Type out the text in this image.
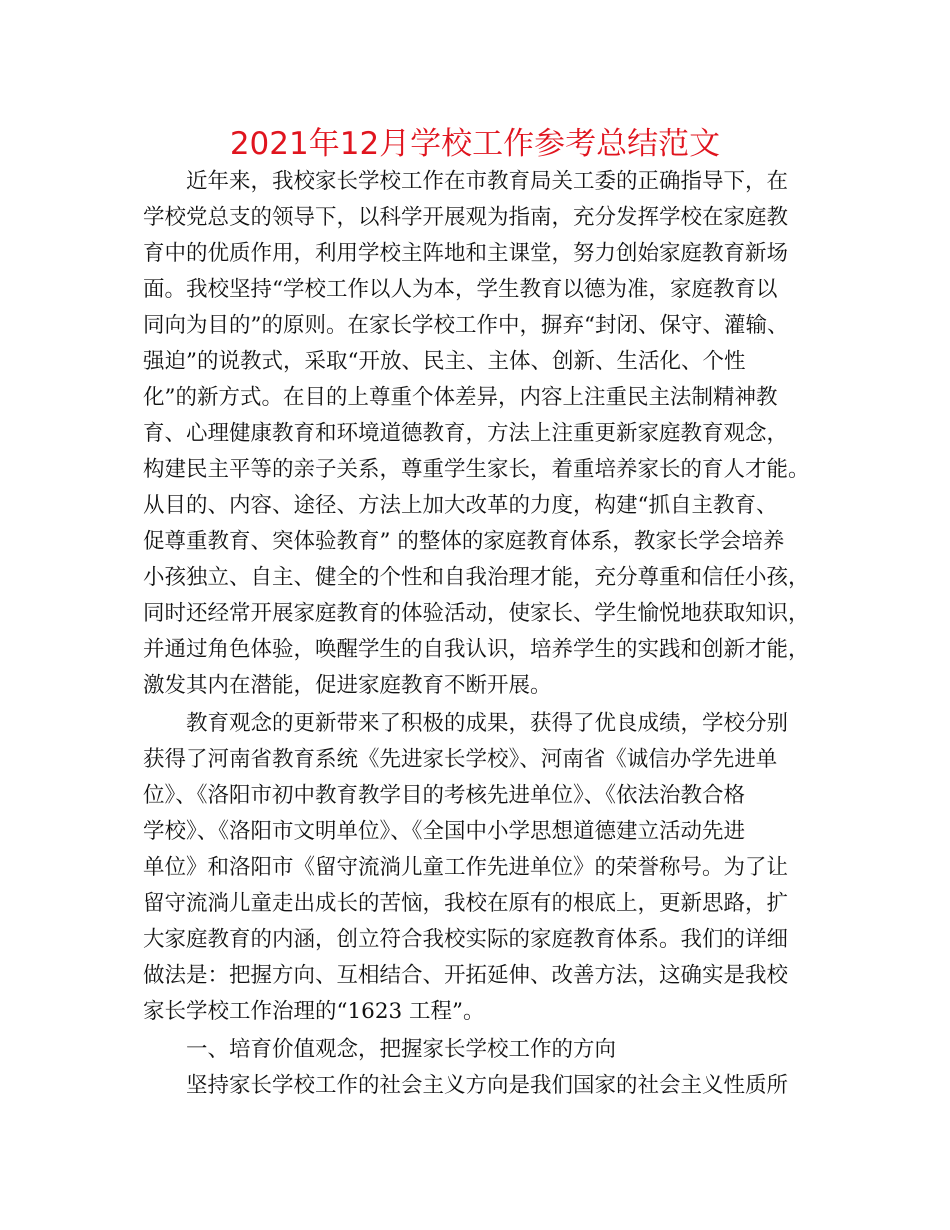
2021年12月学校工作参考总结范文

近年来，我校家长学校工作在市教育局关工委的正确指导下，在

学校党总支的领导下，以科学开展观为指南，充分发挥学校在家庭教

育中的优质作用，利用学校主阵地和主课堂，努力创始家庭教育新场

面。我校坚持“学校工作以人为本，学生教育以德为准，家庭教育以

同向为目的”的原则。在家长学校工作中，摒弃“封闭、保守、灌输、

强迫”的说教式，采取“开放、民主、主体、创新、生活化、个性

化”的新方式。在目的上尊重个体差异，内容上注重民主法制精神教

育、心理健康教育和环境道德教育，方法上注重更新家庭教育观念，

构建民主平等的亲子关系，尊重学生家长，着重培养家长的育人才能。

从目的、内容、途径、方法上加大改革的力度，构建“抓自主教育、

促尊重教育、突体验教育” 的整体的家庭教育体系，教家长学会培养

小孩独立、自主、健全的个性和自我治理才能，充分尊重和信任小孩，

同时还经常开展家庭教育的体验活动，使家长、学生愉悦地获取知识，

并通过角色体验，唤醒学生的自我认识，培养学生的实践和创新才能，

激发其内在潜能，促进家庭教育不断开展。

教育观念的更新带来了积极的成果，获得了优良成绩，学校分别

获得了河南省教育系统《先进家长学校》、河南省《诚信办学先进单

位》、《洛阳市初中教育教学目的考核先进单位》、《依法治教合格

学校》、《洛阳市文明单位》、《全国中小学思想道德建立活动先进

单位》和洛阳市《留守流淌儿童工作先进单位》的荣誉称号。为了让

留守流淌儿童走出成长的苦恼，我校在原有的根底上，更新思路，扩

大家庭教育的内涵，创立符合我校实际的家庭教育体系。我们的详细

做法是：把握方向、互相结合、开拓延伸、改善方法，这确实是我校

家长学校工作治理的“1623 工程”。

一、培育价值观念，把握家长学校工作的方向

坚持家长学校工作的社会主义方向是我们国家的社会主义性质所
